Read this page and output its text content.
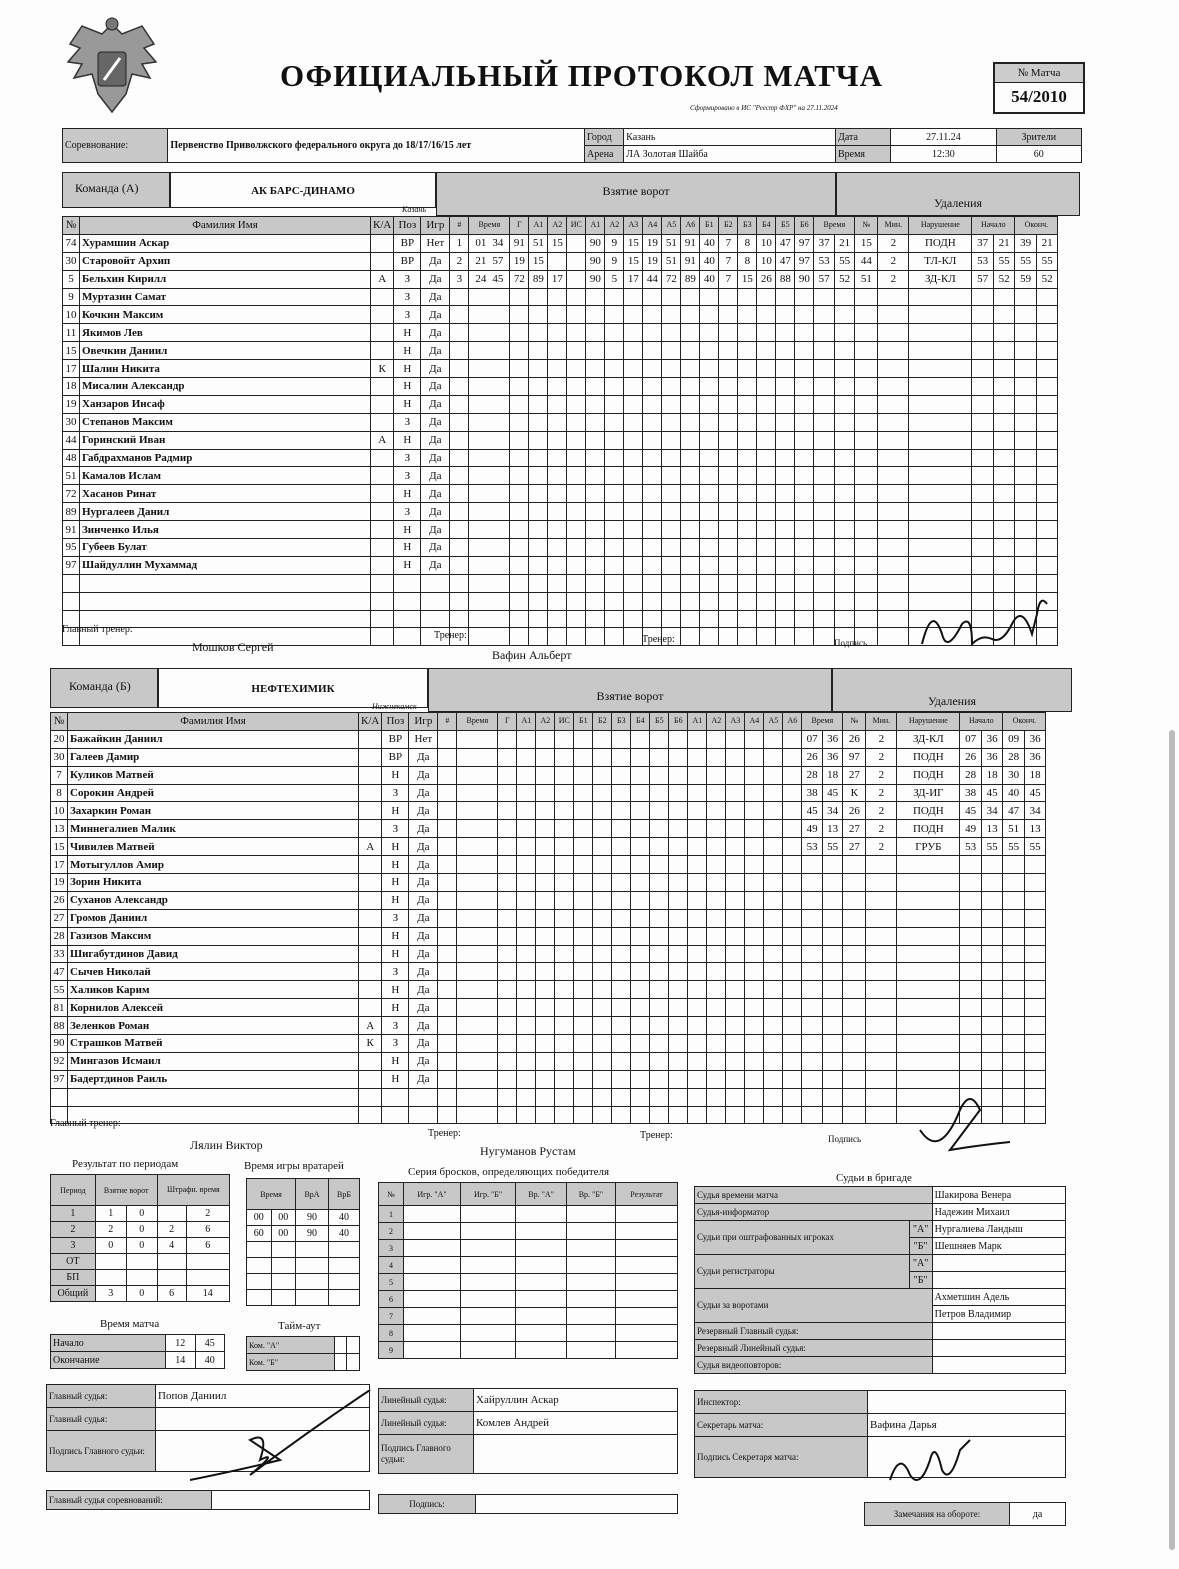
ОФИЦИАЛЬНЫЙ ПРОТОКОЛ МАТЧА
Сформировано в ИС "Реестр ФХР" на 27.11.2024
№ Матча
54/2010
Соревнование:	Первенство Приволжского федерального округа до 18/17/16/15 лет	Город	Казань	Дата	27.11.24	Зрители
		Арена	ЛА Золотая Шайба	Время	12:30	60
Команда (А)	АК БАРС-ДИНАМО
Казань
Взятие ворот
Удаления
№	Фамилия Имя	К/А	Поз	Игр	#	Время	Г	А1	А2	ИС	А1	А2	А3	А4	А5	А6	Б1	Б2	Б3	Б4	Б5	Б6	Время		№	Мин.	Нарушение	Начало		Оконч.	
74	Хурамшин Аскар		ВР	Нет	1	01 34	91	51	15		90	9	15	19	51	91	40	7	8	10	47	97	37	21	15	2	ПОДН	37	21	39	21
30	Старовойт Архип		ВР	Да	2	21 57	19	15			90	9	15	19	51	91	40	7	8	10	47	97	53	55	44	2	ТЛ-КЛ	53	55	55	55
5	Бельхин Кирилл	А	З	Да	3	24 45	72	89	17		90	5	17	44	72	89	40	7	15	26	88	90	57	52	51	2	ЗД-КЛ	57	52	59	52
9	Муртазин Самат		З	Да																											
10	Кочкин Максим		З	Да																											
11	Якимов Лев		Н	Да																											
15	Овечкин Даниил		Н	Да																											
17	Шалин Никита	К	Н	Да																											
18	Мисалин Александр		Н	Да																											
19	Ханзаров Инсаф		Н	Да																											
30	Степанов Максим		З	Да																											
44	Горинский Иван	А	Н	Да																											
48	Габдрахманов Радмир		З	Да																											
51	Камалов Ислам		З	Да																											
72	Хасанов Ринат		Н	Да																											
89	Нургалеев Данил		З	Да																											
91	Зинченко Илья		Н	Да																											
95	Губеев Булат		Н	Да																											
97	Шайдуллин Мухаммад		Н	Да																											

Главный тренер:
Мошков Сергей
Тренер:
Вафин Альберт
Тренер:	Подпись
Команда (Б)	НЕФТЕХИМИК
Нижнекамск
Взятие ворот	Удаления
№	Фамилия Имя	К/А	Поз	Игр	#	Время	Г	А1	А2	ИС	Б1	Б2	Б3	Б4	Б5	Б6	А1	А2	А3	А4	А5	А6	Время		№	Мин.	Нарушение	Начало		Оконч.	
20	Бажайкин Даниил		ВР	Нет																			07	36	26	2	ЗД-КЛ	07	36	09	36
30	Галеев Дамир		ВР	Да																			26	36	97	2	ПОДН	26	36	28	36
7	Куликов Матвей		Н	Да																			28	18	27	2	ПОДН	28	18	30	18
8	Сорокин Андрей		З	Да																			38	45	К	2	ЗД-ИГ	38	45	40	45
10	Захаркин Роман		Н	Да																			45	34	26	2	ПОДН	45	34	47	34
13	Миннегалиев Малик		З	Да																			49	13	27	2	ПОДН	49	13	51	13
15	Чивилев Матвей	А	Н	Да																			53	55	27	2	ГРУБ	53	55	55	55
17	Мотыгуллов Амир		Н	Да																											
19	Зорин Никита		Н	Да																											
26	Суханов Александр		Н	Да																											
27	Громов Даниил		З	Да																											
28	Газизов Максим		Н	Да																											
33	Шигабутдинов Давид		Н	Да																											
47	Сычев Николай		З	Да																											
55	Халиков Карим		Н	Да																											
81	Корнилов Алексей		Н	Да																											
88	Зеленков Роман	А	З	Да																											
90	Страшков Матвей	К	З	Да																											
92	Мингазов Исмаил		Н	Да																											
97	Бадертдинов Раиль		Н	Да																											

Главный тренер:
Лялин Виктор
Тренер:
Нугуманов Рустам
Тренер:	Подпись
Результат по периодам
Период	Взятие ворот		Штрафн. время	
1	1	0		2
2	2	0	2	6
3	0	0	4	6
ОТ				
БП				
Общий	3	0	6	14
Время матча
Начало	12	45
Окончание	14	40
Время игры вратарей
Время		ВрА	ВрБ
00	00	90	40
60	00	90	40

Тайм-аут
Ком. "А"		
Ком. "Б"		
Серия бросков, определяющих победителя
№	Игр. "А"	Игр. "Б"	Вр. "А"	Вр. "Б"	Результат
1					
2					
3					
4					
5					
6					
7					
8					
9					
Судьи в бригаде
Судья времени матча		Шакирова Венера
Судья-информатор		Надежин Михаил
Судьи при оштрафованных игроках	"А"	Нургалиева Ландыш
	"Б"	Шешняев Марк
Судьи регистраторы	"А"	
	"Б"	
Судьи за воротами		Ахметшин Адель
		Петров Владимир
Резервный Главный судья:		
Резервный Линейный судья:		
Судья видеоповторов:		
Главный судья:	Попов Даниил
Главный судья:	
Подпись Главного судьи:	
Линейный судья:	Хайруллин Аскар
Линейный судья:	Комлев Андрей
Подпись Главного судьи:	
Инспектор:	
Секретарь матча:	Вафина Дарья
Подпись Секретаря матча:	
Главный судья соревнований:		Подпись:	
Замечания на обороте:	да
